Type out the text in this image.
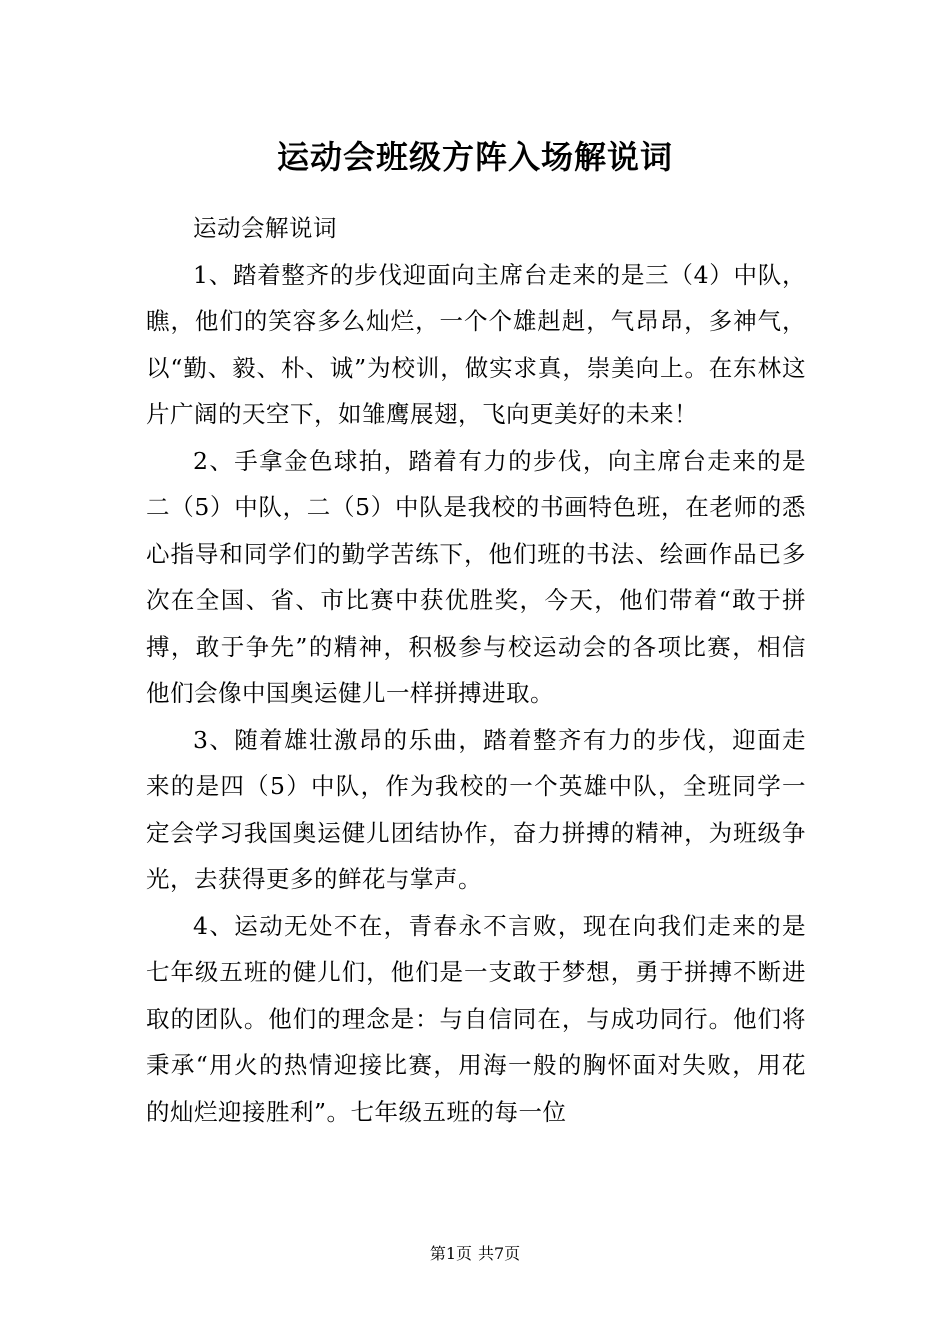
运动会班级方阵入场解说词

运动会解说词

1、踏着整齐的步伐迎面向主席台走来的是三（4）中队，瞧，他们的笑容多么灿烂，一个个雄赳赳，气昂昂，多神气，以“勤、毅、朴、诚”为校训，做实求真，崇美向上。在东林这片广阔的天空下，如雏鹰展翅，飞向更美好的未来！

2、手拿金色球拍，踏着有力的步伐，向主席台走来的是二（5）中队，二（5）中队是我校的书画特色班，在老师的悉心指导和同学们的勤学苦练下，他们班的书法、绘画作品已多次在全国、省、市比赛中获优胜奖，今天，他们带着“敢于拼搏，敢于争先”的精神，积极参与校运动会的各项比赛，相信他们会像中国奥运健儿一样拼搏进取。

3、随着雄壮激昂的乐曲，踏着整齐有力的步伐，迎面走来的是四（5）中队，作为我校的一个英雄中队，全班同学一定会学习我国奥运健儿团结协作，奋力拼搏的精神，为班级争光，去获得更多的鲜花与掌声。

4、运动无处不在，青春永不言败，现在向我们走来的是七年级五班的健儿们，他们是一支敢于梦想，勇于拼搏不断进取的团队。他们的理念是：与自信同在，与成功同行。他们将秉承“用火的热情迎接比赛，用海一般的胸怀面对失败，用花的灿烂迎接胜利”。七年级五班的每一位

第1页 共7页
